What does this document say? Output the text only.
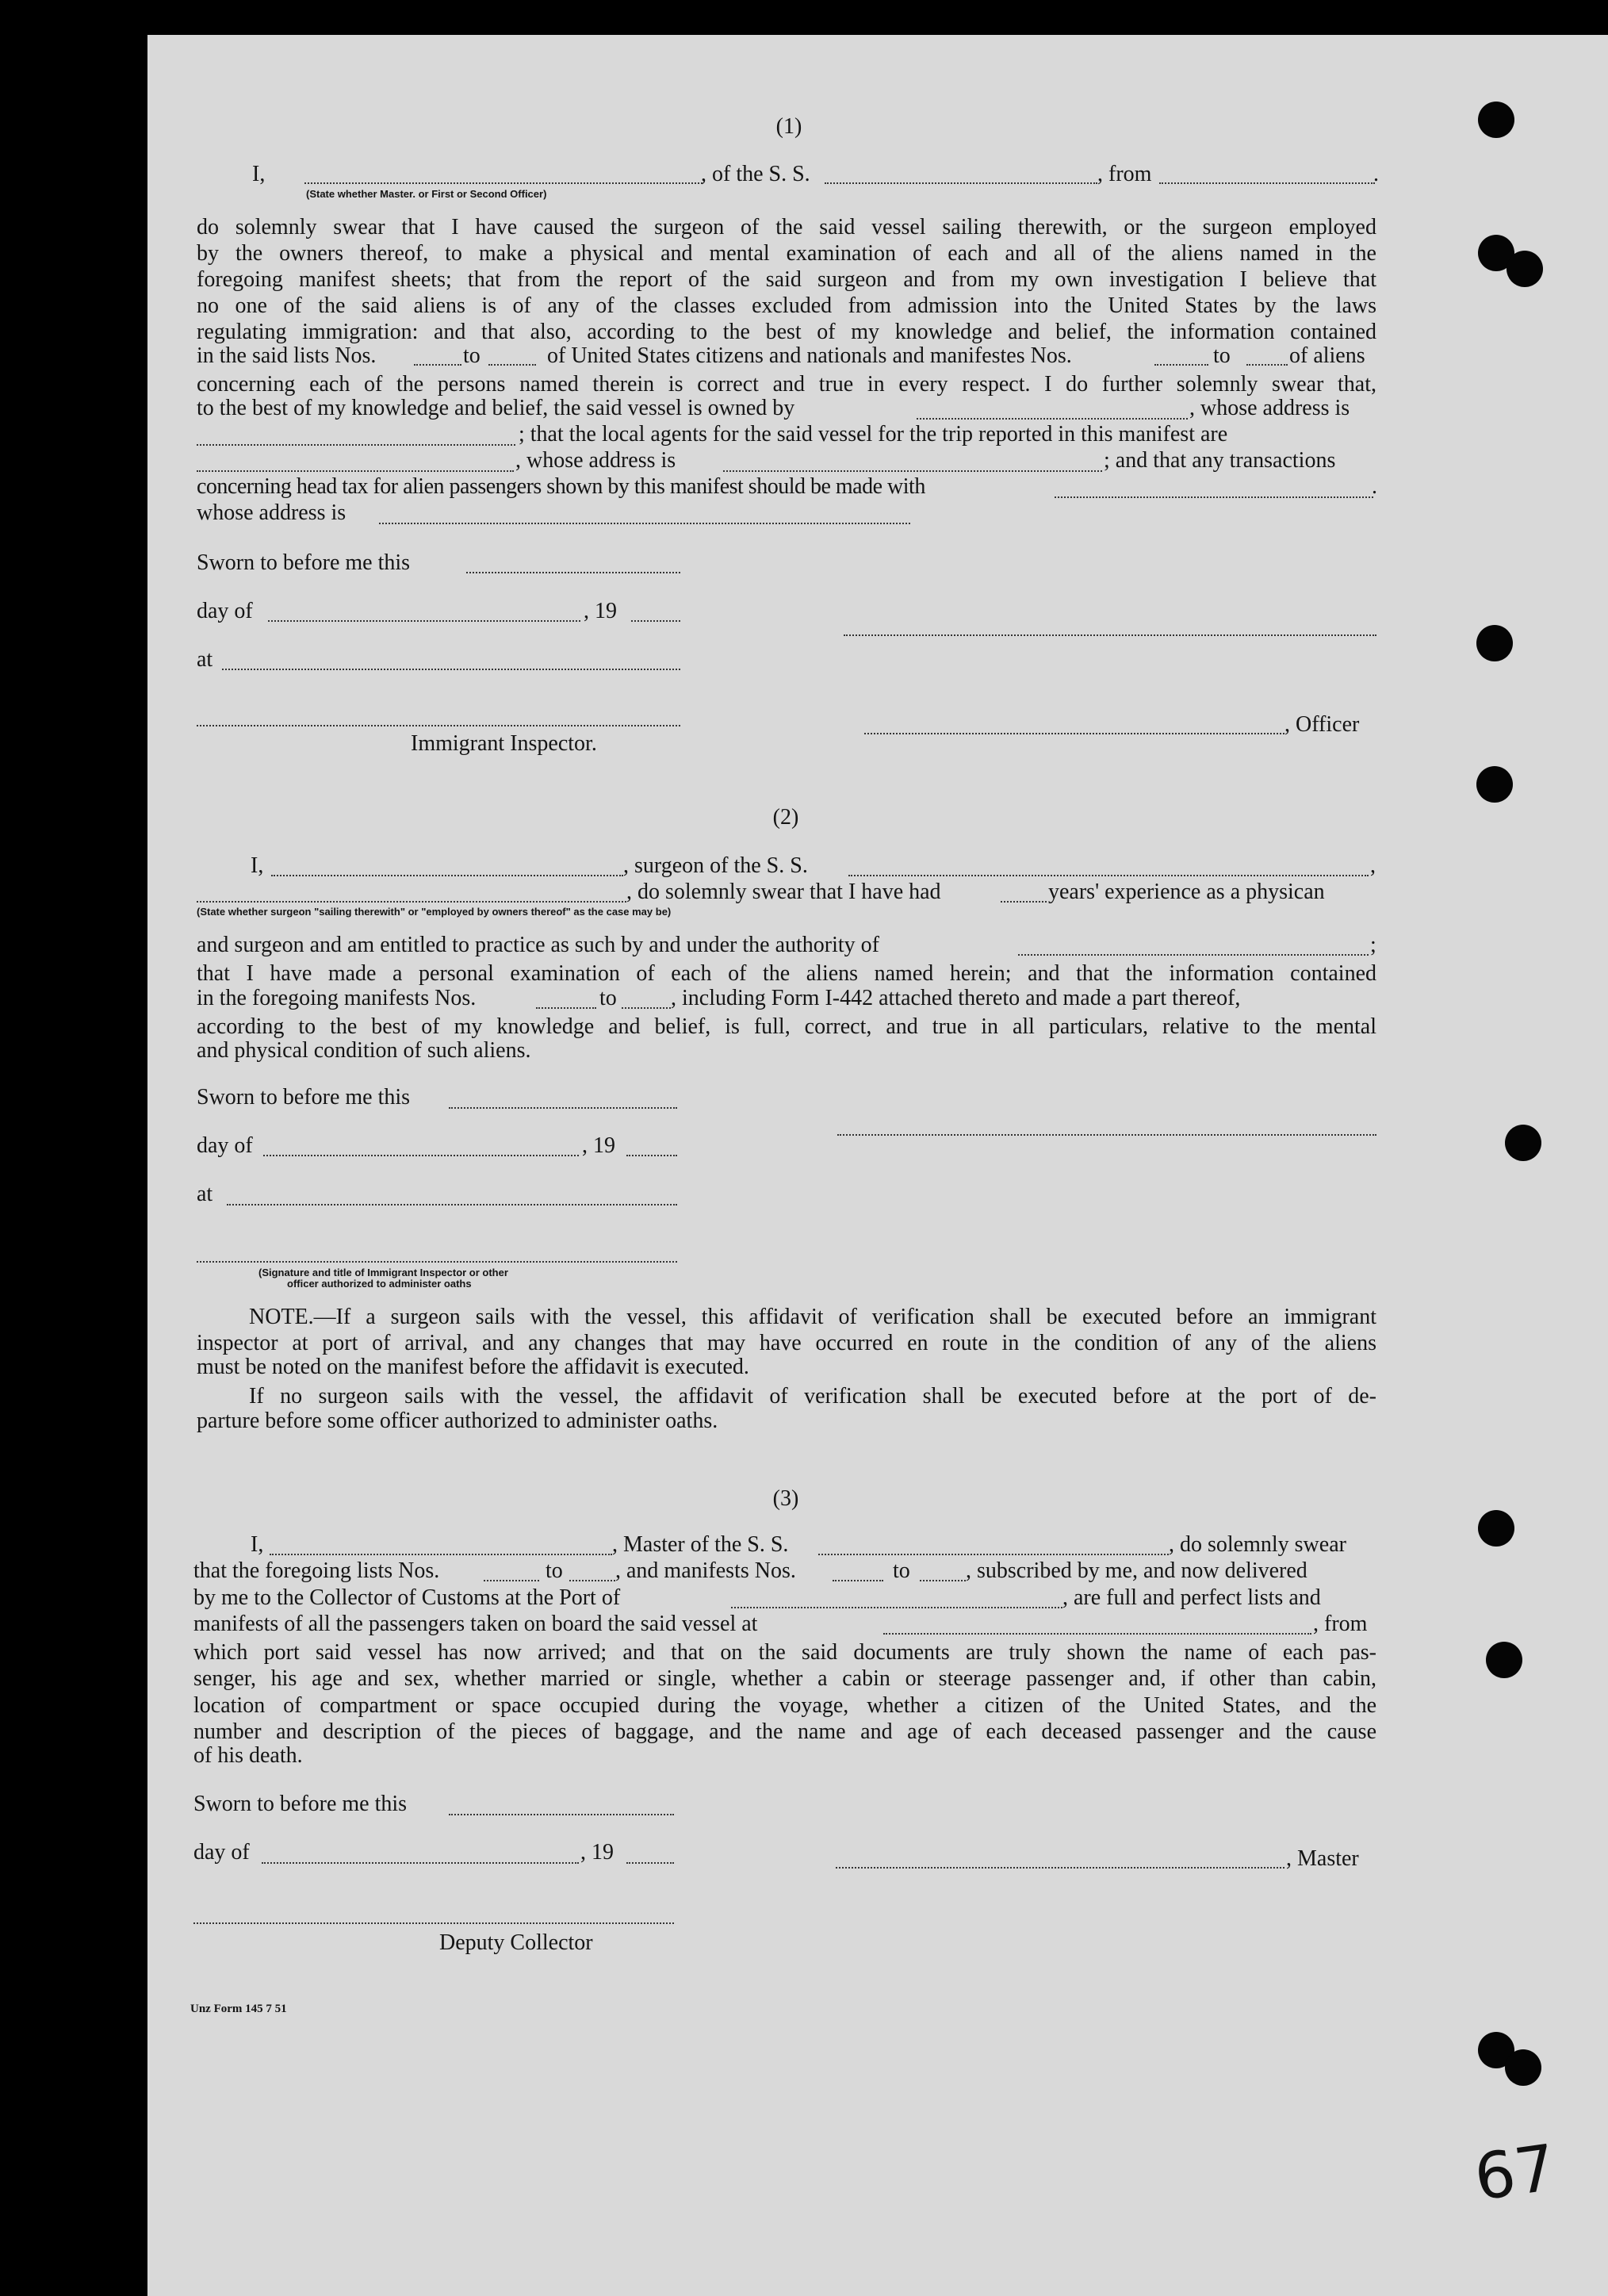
(1)
I,	, of the S. S.	, from	.
(State whether Master. or First or Second Officer)

do solemnly swear that I have caused the surgeon of the said vessel sailing therewith, or the surgeon employed

by the owners thereof, to make a physical and mental examination of each and all of the aliens named in the

foregoing manifest sheets; that from the report of the said surgeon and from my own investigation I believe that

no one of the said aliens is of any of the classes excluded from admission into the United States by the laws

regulating immigration: and that also, according to the best of my knowledge and belief, the information contained

in the said lists Nos.	to	of United States citizens and nationals and manifestes Nos.	to	of aliens

concerning each of the persons named therein is correct and true in every respect. I do further solemnly swear that,

to the best of my knowledge and belief, the said vessel is owned by	, whose address is
; that the local agents for the said vessel for the trip reported in this manifest are
, whose address is	; and that any transactions
concerning head tax for alien passengers shown by this manifest should be made with	.
whose address is
Sworn to before me this
day of	, 19
at
, Officer
Immigrant Inspector.
(2)
I,	, surgeon of the S. S.	,
, do solemnly swear that I have had	years' experience as a physican
(State whether surgeon "sailing therewith" or "employed by owners thereof" as the case may be)
and surgeon and am entitled to practice as such by and under the authority of	;

that I have made a personal examination of each of the aliens named herein; and that the information contained

in the foregoing manifests Nos.	to , including Form I-442 attached thereto and made a part thereof,

according to the best of my knowledge and belief, is full, correct, and true in all particulars, relative to the mental

and physical condition of such aliens.
Sworn to before me this
day of	, 19
at
(Signature and title of Immigrant Inspector or other
officer authorized to administer oaths

NOTE.—If a surgeon sails with the vessel, this affidavit of verification shall be executed before an immigrant

inspector at port of arrival, and any changes that may have occurred en route in the condition of any of the aliens

must be noted on the manifest before the affidavit is executed.

If no surgeon sails with the vessel, the affidavit of verification shall be executed before at the port of de-

parture before some officer authorized to administer oaths.
(3)
I,	, Master of the S. S.	, do solemnly swear
that the foregoing lists Nos.	to , and manifests Nos.	to	, subscribed by me, and now delivered
by me to the Collector of Customs at the Port of	, are full and perfect lists and
manifests of all the passengers taken on board the said vessel at	, from

which port said vessel has now arrived; and that on the said documents are truly shown the name of each pas-

senger, his age and sex, whether married or single, whether a cabin or steerage passenger and, if other than cabin,

location of compartment or space occupied during the voyage, whether a citizen of the United States, and the

number and description of the pieces of baggage, and the name and age of each deceased passenger and the cause

of his death.
Sworn to before me this
day of	, 19	, Master
Deputy Collector
Unz Form 145 7 51
67
